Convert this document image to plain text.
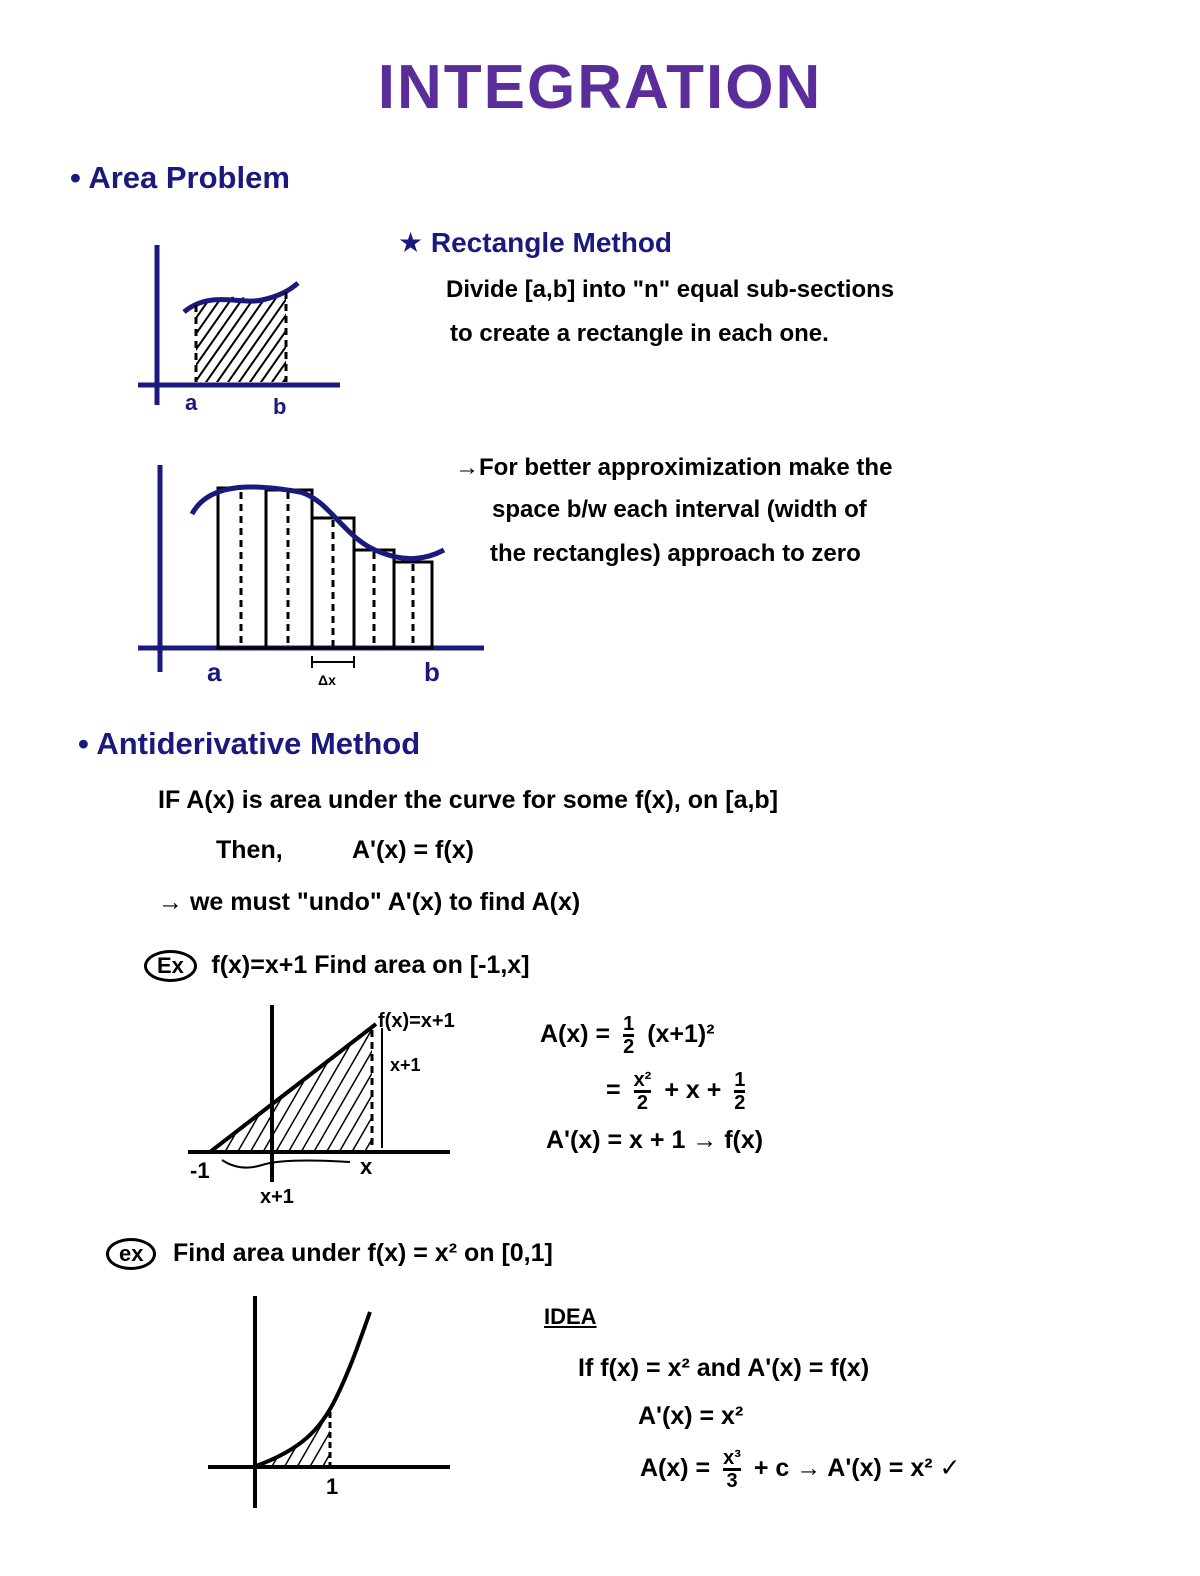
INTEGRATION
• Area Problem
a	b
a	Δx	b
★ Rectangle Method
Divide [a,b] into "n" equal sub-sections
to create a rectangle in each one.
→For better approximization make the
space b/w each interval (width of
the rectangles) approach to zero
• Antiderivative Method
IF A(x) is area under the curve for some f(x), on [a,b]
Then,	A'(x) = f(x)
→ we must "undo" A'(x) to find A(x)
Ex f(x)=x+1 Find area on [-1,x]
f(x)=x+1
x+1
-1	x
x+1
$A(x) = \frac{1}{2} (x+1)^2$
= $\frac{\text{x²}}{2} + x + \frac{1}{2}$
A'(x) = x + 1 → f(x)
ex Find area under f(x) = x² on [0,1]
1
IDEA
If f(x) = x² and A'(x) = f(x)
A'(x) = x²
$A(x) = \frac{\text{x³}}{3} + c \to A'(x) = x^2$ ✓
